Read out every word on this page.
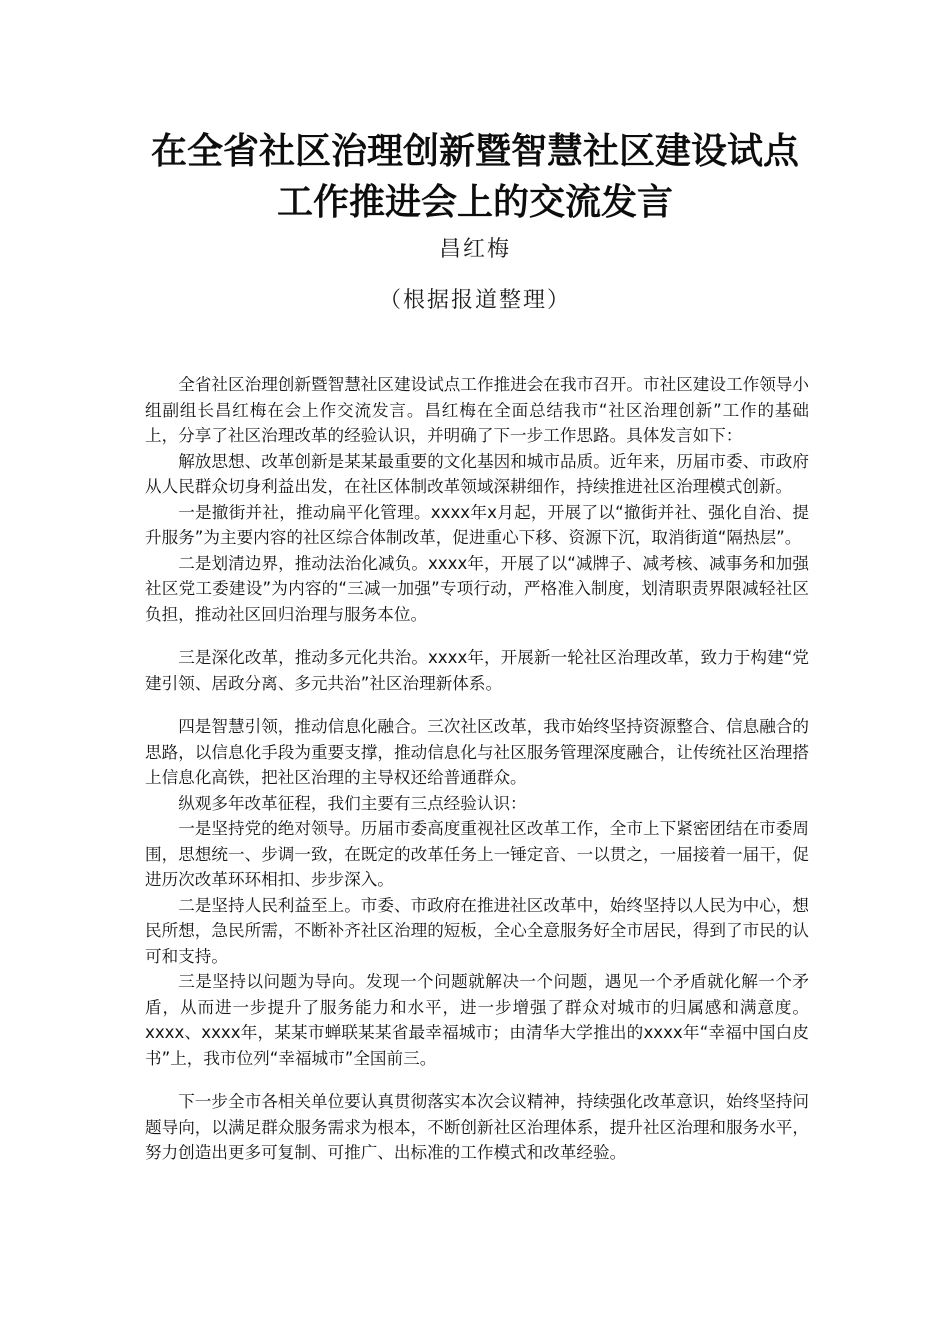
在全省社区治理创新暨智慧社区建设试点
工作推进会上的交流发言
昌红梅
（根据报道整理）

全省社区治理创新暨智慧社区建设试点工作推进会在我市召开。市社区建设工作领导小组副组长昌红梅在会上作交流发言。昌红梅在全面总结我市“社区治理创新”工作的基础上，分享了社区治理改革的经验认识，并明确了下一步工作思路。具体发言如下：

解放思想、改革创新是某某最重要的文化基因和城市品质。近年来，历届市委、市政府从人民群众切身利益出发，在社区体制改革领域深耕细作，持续推进社区治理模式创新。

一是撤街并社，推动扁平化管理。xxxx年x月起，开展了以“撤街并社、强化自治、提升服务”为主要内容的社区综合体制改革，促进重心下移、资源下沉，取消街道“隔热层”。

二是划清边界，推动法治化减负。xxxx年，开展了以“减牌子、减考核、减事务和加强社区党工委建设”为内容的“三减一加强”专项行动，严格准入制度，划清职责界限减轻社区负担，推动社区回归治理与服务本位。

三是深化改革，推动多元化共治。xxxx年，开展新一轮社区治理改革，致力于构建“党建引领、居政分离、多元共治”社区治理新体系。

四是智慧引领，推动信息化融合。三次社区改革，我市始终坚持资源整合、信息融合的思路，以信息化手段为重要支撑，推动信息化与社区服务管理深度融合，让传统社区治理搭上信息化高铁，把社区治理的主导权还给普通群众。

纵观多年改革征程，我们主要有三点经验认识：

一是坚持党的绝对领导。历届市委高度重视社区改革工作，全市上下紧密团结在市委周围，思想统一、步调一致，在既定的改革任务上一锤定音、一以贯之，一届接着一届干，促进历次改革环环相扣、步步深入。

二是坚持人民利益至上。市委、市政府在推进社区改革中，始终坚持以人民为中心，想民所想，急民所需，不断补齐社区治理的短板，全心全意服务好全市居民，得到了市民的认可和支持。

三是坚持以问题为导向。发现一个问题就解决一个问题，遇见一个矛盾就化解一个矛盾，从而进一步提升了服务能力和水平，进一步增强了群众对城市的归属感和满意度。xxxx、xxxx年，某某市蝉联某某省最幸福城市；由清华大学推出的xxxx年“幸福中国白皮书”上，我市位列“幸福城市”全国前三。

下一步全市各相关单位要认真贯彻落实本次会议精神，持续强化改革意识，始终坚持问题导向，以满足群众服务需求为根本，不断创新社区治理体系，提升社区治理和服务水平，努力创造出更多可复制、可推广、出标准的工作模式和改革经验。
